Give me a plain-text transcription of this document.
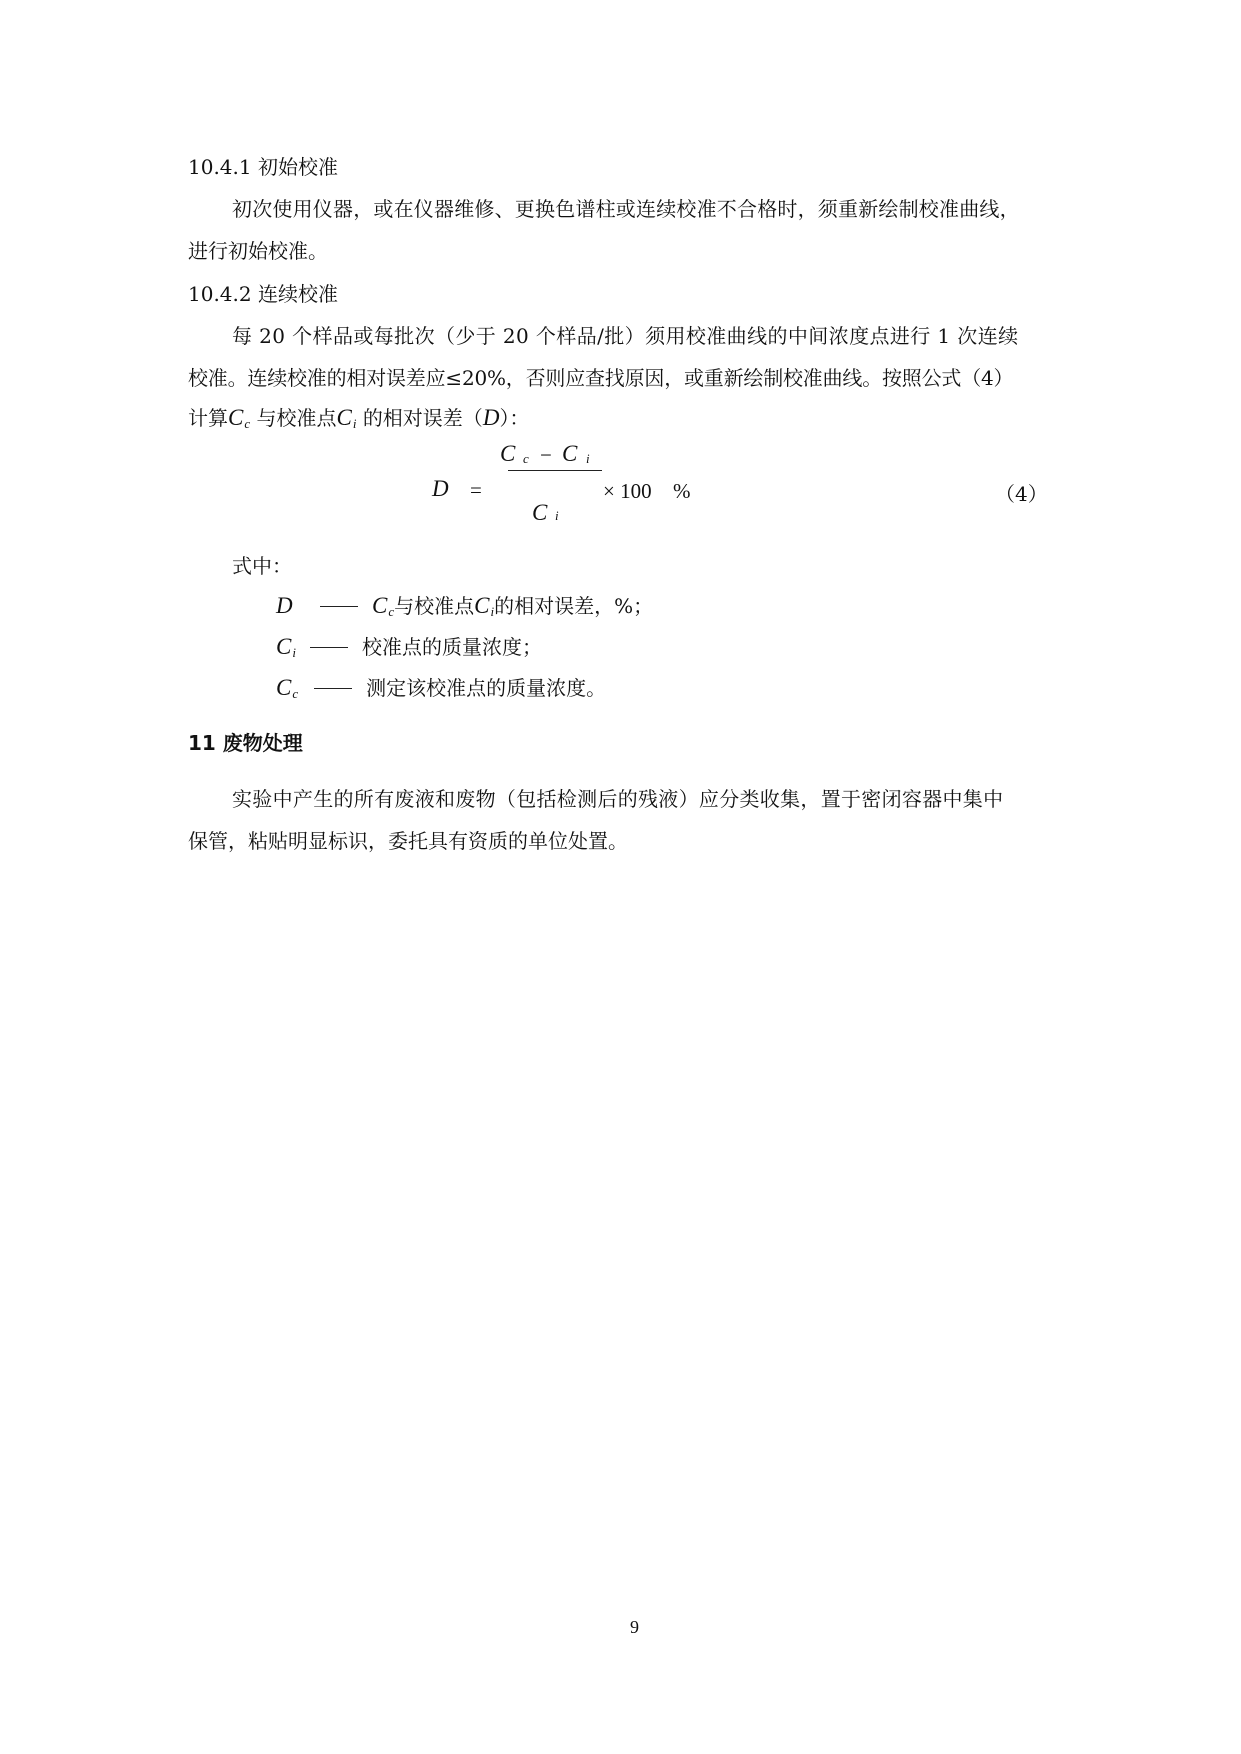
10.4.1 初始校准
初次使用仪器，或在仪器维修、更换色谱柱或连续校准不合格时，须重新绘制校准曲线，
进行初始校准。
10.4.2 连续校准
每 20 个样品或每批次（少于 20 个样品/批）须用校准曲线的中间浓度点进行 1 次连续
校准。连续校准的相对误差应≤20%，否则应查找原因，或重新绘制校准曲线。按照公式（4）
计算Cc 与校准点Ci 的相对误差（D）：
D =
C c − C i
C i
× 100 %	（4）
式中：
D	Cc与校准点Ci的相对误差，%；
Ci	校准点的质量浓度；
Cc	测定该校准点的质量浓度。
11 废物处理
实验中产生的所有废液和废物（包括检测后的残液）应分类收集，置于密闭容器中集中
保管，粘贴明显标识，委托具有资质的单位处置。
9
